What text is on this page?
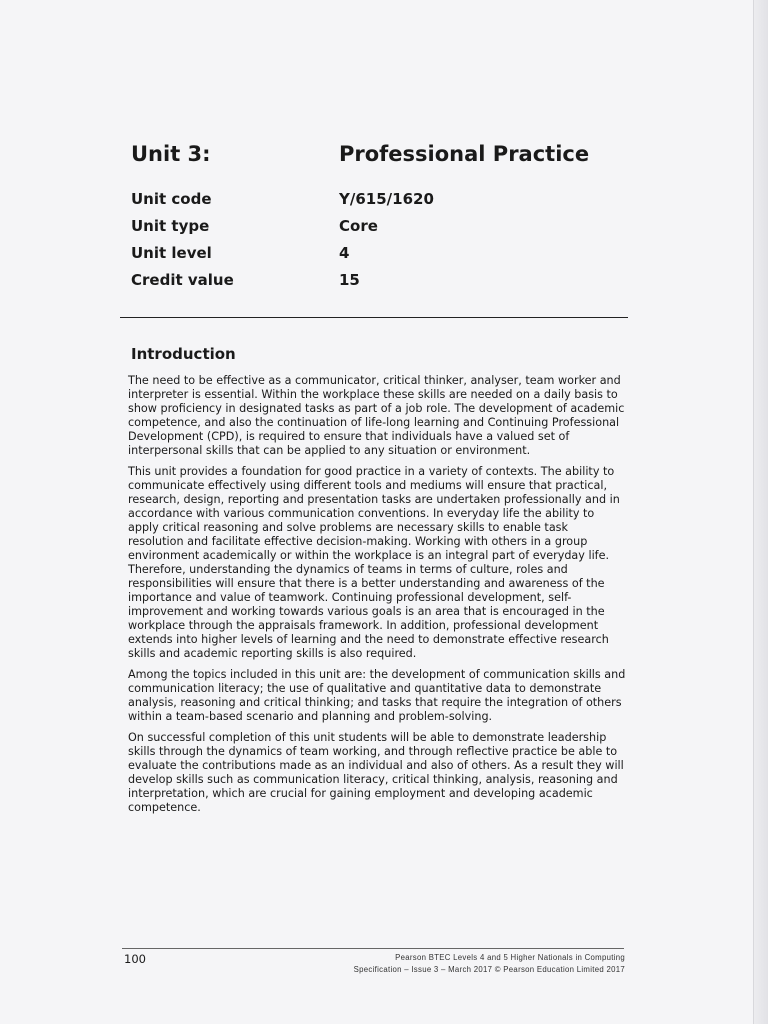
Unit 3:	Professional Practice
Unit code	Y/615/1620
Unit type	Core
Unit level	4
Credit value	15
Introduction

The need to be effective as a communicator, critical thinker, analyser, team worker and interpreter is essential. Within the workplace these skills are needed on a daily basis to show proficiency in designated tasks as part of a job role. The development of academic competence, and also the continuation of life-long learning and Continuing Professional Development (CPD), is required to ensure that individuals have a valued set of interpersonal skills that can be applied to any situation or environment.

This unit provides a foundation for good practice in a variety of contexts. The ability to communicate effectively using different tools and mediums will ensure that practical, research, design, reporting and presentation tasks are undertaken professionally and in accordance with various communication conventions. In everyday life the ability to apply critical reasoning and solve problems are necessary skills to enable task resolution and facilitate effective decision-making. Working with others in a group environment academically or within the workplace is an integral part of everyday life. Therefore, understanding the dynamics of teams in terms of culture, roles and responsibilities will ensure that there is a better understanding and awareness of the importance and value of teamwork. Continuing professional development, self-improvement and working towards various goals is an area that is encouraged in the workplace through the appraisals framework. In addition, professional development extends into higher levels of learning and the need to demonstrate effective research skills and academic reporting skills is also required.

Among the topics included in this unit are: the development of communication skills and communication literacy; the use of qualitative and quantitative data to demonstrate analysis, reasoning and critical thinking; and tasks that require the integration of others within a team-based scenario and planning and problem-solving.

On successful completion of this unit students will be able to demonstrate leadership skills through the dynamics of team working, and through reflective practice be able to evaluate the contributions made as an individual and also of others. As a result they will develop skills such as communication literacy, critical thinking, analysis, reasoning and interpretation, which are crucial for gaining employment and developing academic competence.

100	Pearson BTEC Levels 4 and 5 Higher Nationals in Computing
Specification – Issue 3 – March 2017 © Pearson Education Limited 2017
